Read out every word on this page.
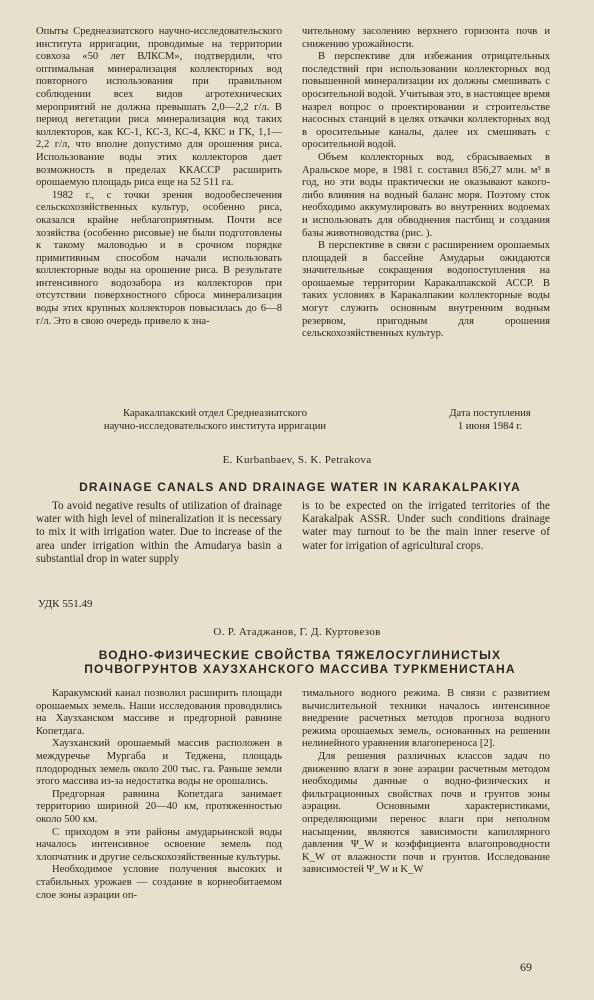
Опыты Среднеазиатского научно-исследовательского института ирригации, проводимые на территории совхоза «50 лет ВЛКСМ», подтвердили, что оптимальная минерализация коллекторных вод повторного использования при правильном соблюдении всех видов агротехнических мероприятий не должна превышать 2,0—2,2 г/л. В период вегетации риса минерализация вод таких коллекторов, как КС-1, КС-3, КС-4, ККС и ГК, 1,1—2,2 г/л, что вполне допустимо для орошения риса. Использование воды этих коллекторов дает возможность в пределах ККАССР расширить орошаемую площадь риса еще на 52 511 га.

1982 г., с точки зрения водообеспечения сельскохозяйственных культур, особенно риса, оказался крайне неблагоприятным. Почти все хозяйства (особенно рисовые) не были подготовлены к такому маловодью и в срочном порядке примитивным способом начали использовать коллекторные воды на орошение риса. В результате интенсивного водозабора из коллекторов при отсутствии поверхностного сброса минерализация воды этих крупных коллекторов повысилась до 6—8 г/л. Это в свою очередь привело к зна-

чительному засолению верхнего горизонта почв и снижению урожайности.

В перспективе для избежания отрицательных последствий при использовании коллекторных вод повышенной минерализации их должны смешивать с оросительной водой. Учитывая это, в настоящее время назрел вопрос о проектировании и строительстве насосных станций в целях откачки коллекторных вод в оросительные каналы, далее их смешивать с оросительной водой.

Объем коллекторных вод, сбрасываемых в Аральское море, в 1981 г. составил 856,27 млн. м³ в год, но эти воды практически не оказывают какого-либо влияния на водный баланс моря. Поэтому сток необходимо аккумулировать во внутренних водоемах и использовать для обводнения пастбищ и создания базы животноводства (рис. ).

В перспективе в связи с расширением орошаемых площадей в бассейне Амударьи ожидаются значительные сокращения водопоступления на орошаемые территории Каракалпакской АССР. В таких условиях в Каракалпакии коллекторные воды могут служить основным внутренним водным резервом, пригодным для орошения сельскохозяйственных культур.

Каракалпакский отдел Среднеазиатского
научно-исследовательского института ирригации
Дата поступления
1 июня 1984 г.
E. Kurbanbaev, S. K. Petrakova
DRAINAGE CANALS AND DRAINAGE WATER IN KARAKALPAKIYA

To avoid negative results of utilization of drainage water with high level of mineralization it is necessary to mix it with irrigation water. Due to increase of the area under irrigation within the Amudarya basin a substantial drop in water supply

is to be expected on the irrigated territories of the Karakalpak ASSR. Under such conditions drainage water may turnout to be the main inner reserve of water for irrigation of agricultural crops.

УДК 551.49
О. Р. Атаджанов, Г. Д. Куртовезов
ВОДНО-ФИЗИЧЕСКИЕ СВОЙСТВА ТЯЖЕЛОСУГЛИНИСТЫХ
ПОЧВОГРУНТОВ ХАУЗХАНСКОГО МАССИВА ТУРКМЕНИСТАНА

Каракумский канал позволил расширить площади орошаемых земель. Наши исследования проводились на Хаузханском массиве и предгорной равнине Копетдага.

Хаузханский орошаемый массив расположен в междуречье Мургаба и Теджена, площадь плодородных земель около 200 тыс. га. Раньше земли этого массива из-за недостатка воды не орошались.

Предгорная равнина Копетдага занимает территорию шириной 20—40 км, протяженностью около 500 км.

С приходом в эти районы амударьинской воды началось интенсивное освоение земель под хлопчатник и другие сельскохозяйственные культуры.

Необходимое условие получения высоких и стабильных урожаев — создание в корнеобитаемом слое зоны аэрации оп-

тимального водного режима. В связи с развитием вычислительной техники началось интенсивное внедрение расчетных методов прогноза водного режима орошаемых земель, основанных на решении нелинейного уравнения влагопереноса [2].

Для решения различных классов задач по движению влаги в зоне аэрации расчетным методом необходимы данные о водно-физических и фильтрационных свойствах почв и грунтов зоны аэрации. Основными характеристиками, определяющими перенос влаги при неполном насыщении, являются зависимости капиллярного давления Ψ_W и коэффициента влагопроводности K_W от влажности почв и грунтов. Исследование зависимостей Ψ_W и K_W

69
